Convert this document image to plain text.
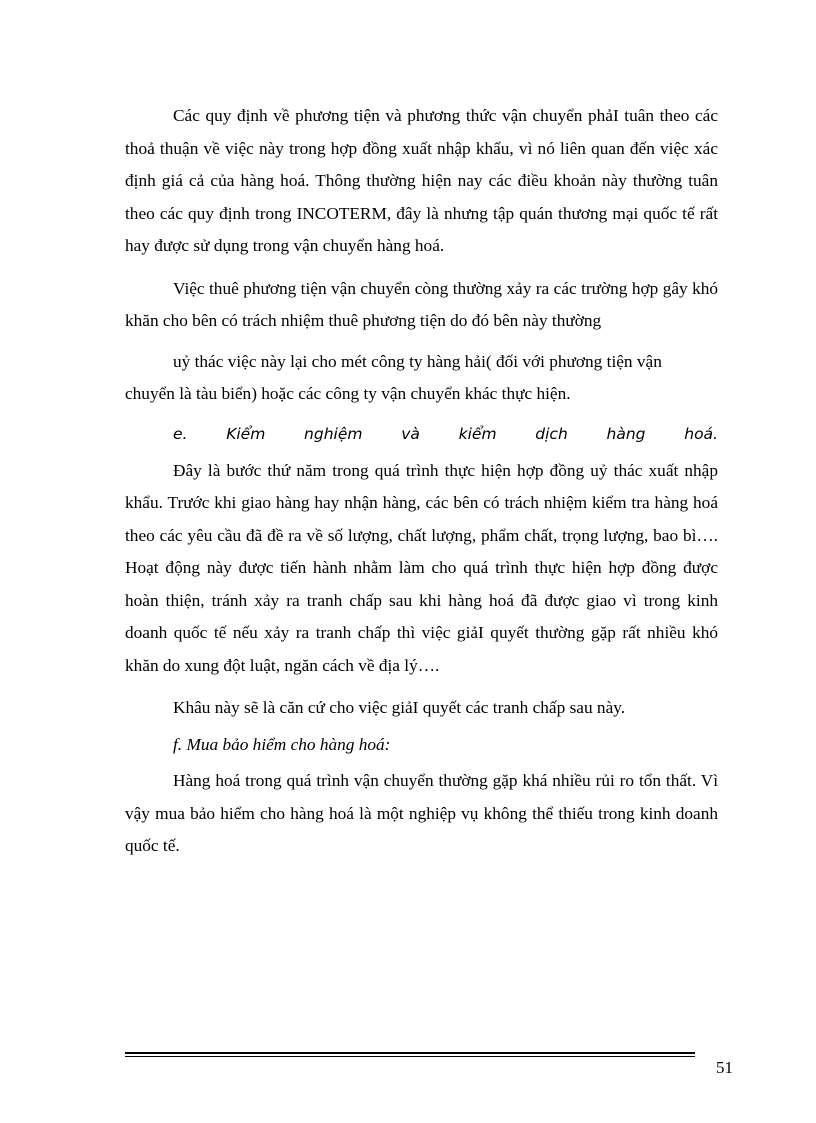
Các quy định về phương tiện và phương thức vận chuyển phảI tuân theo các thoả thuận về việc này trong hợp đồng xuất nhập khẩu, vì nó liên quan đến việc xác định giá cả của hàng hoá. Thông thường hiện nay các điều khoản này thường tuân theo các quy định trong INCOTERM, đây là nhưng tập quán thương mại quốc tế rất hay được sử dụng trong vận chuyển hàng hoá.

Việc thuê phương tiện vận chuyển còng thường xảy ra các trường hợp gây khó khăn cho bên có trách nhiệm thuê phương tiện do đó bên này thường

uỷ thác việc này lại cho mét công ty hàng hải( đối với phương tiện vận

chuyển là tàu biển) hoặc các công ty vận chuyển khác thực hiện.

e. Kiểm nghiệm và kiểm dịch hàng hoá.

Đây là bước thứ năm trong quá trình thực hiện hợp đồng uỷ thác xuất nhập khẩu. Trước khi giao hàng hay nhận hàng, các bên có trách nhiệm kiểm tra hàng hoá theo các yêu cầu đã đề ra về số lượng, chất lượng, phẩm chất, trọng lượng, bao bì…. Hoạt động này được tiến hành nhằm làm cho quá trình thực hiện hợp đồng được hoàn thiện, tránh xảy ra tranh chấp sau khi hàng hoá đã được giao vì trong kinh doanh quốc tế nếu xảy ra tranh chấp thì việc giảI quyết thường gặp rất nhiều khó khăn do xung đột luật, ngăn cách về địa lý….

Khâu này sẽ là căn cứ cho việc giảI quyết các tranh chấp sau này.

f. Mua bảo hiểm cho hàng hoá:

Hàng hoá trong quá trình vận chuyển thường gặp khá nhiều rủi ro tổn thất. Vì vậy mua bảo hiểm cho hàng hoá là một nghiệp vụ không thể thiếu trong kinh doanh quốc tế.

51
